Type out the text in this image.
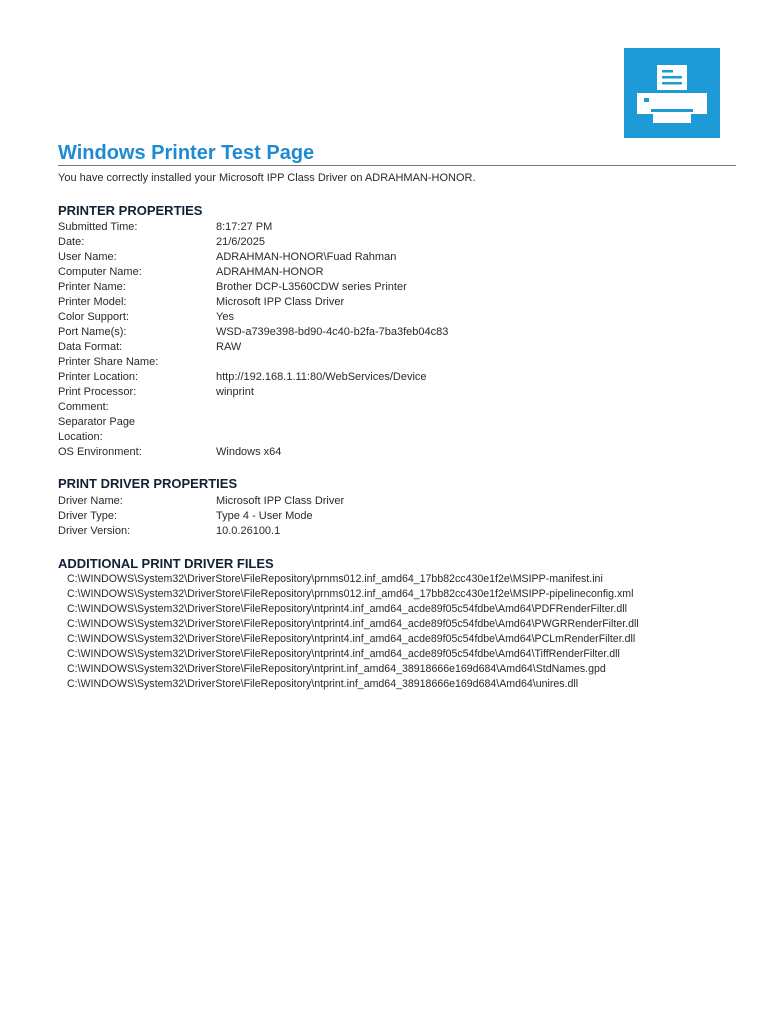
Windows Printer Test Page
You have correctly installed your Microsoft IPP Class Driver on ADRAHMAN-HONOR.
PRINTER PROPERTIES
Submitted Time:	8:17:27 PM
Date:	21/6/2025
User Name:	ADRAHMAN-HONOR\Fuad Rahman
Computer Name:	ADRAHMAN-HONOR
Printer Name:	Brother DCP-L3560CDW series Printer
Printer Model:	Microsoft IPP Class Driver
Color Support:	Yes
Port Name(s):	WSD-a739e398-bd90-4c40-b2fa-7ba3feb04c83
Data Format:	RAW
Printer Share Name:
Printer Location:	http://192.168.1.11:80/WebServices/Device
Print Processor:	winprint
Comment:
Separator Page
Location:
OS Environment:	Windows x64
PRINT DRIVER PROPERTIES
Driver Name:	Microsoft IPP Class Driver
Driver Type:	Type 4 - User Mode
Driver Version:	10.0.26100.1
ADDITIONAL PRINT DRIVER FILES
C:\WINDOWS\System32\DriverStore\FileRepository\prnms012.inf_amd64_17bb82cc430e1f2e\MSIPP-manifest.ini
C:\WINDOWS\System32\DriverStore\FileRepository\prnms012.inf_amd64_17bb82cc430e1f2e\MSIPP-pipelineconfig.xml
C:\WINDOWS\System32\DriverStore\FileRepository\ntprint4.inf_amd64_acde89f05c54fdbe\Amd64\PDFRenderFilter.dll
C:\WINDOWS\System32\DriverStore\FileRepository\ntprint4.inf_amd64_acde89f05c54fdbe\Amd64\PWGRRenderFilter.dll
C:\WINDOWS\System32\DriverStore\FileRepository\ntprint4.inf_amd64_acde89f05c54fdbe\Amd64\PCLmRenderFilter.dll
C:\WINDOWS\System32\DriverStore\FileRepository\ntprint4.inf_amd64_acde89f05c54fdbe\Amd64\TiffRenderFilter.dll
C:\WINDOWS\System32\DriverStore\FileRepository\ntprint.inf_amd64_38918666e169d684\Amd64\StdNames.gpd
C:\WINDOWS\System32\DriverStore\FileRepository\ntprint.inf_amd64_38918666e169d684\Amd64\unires.dll
